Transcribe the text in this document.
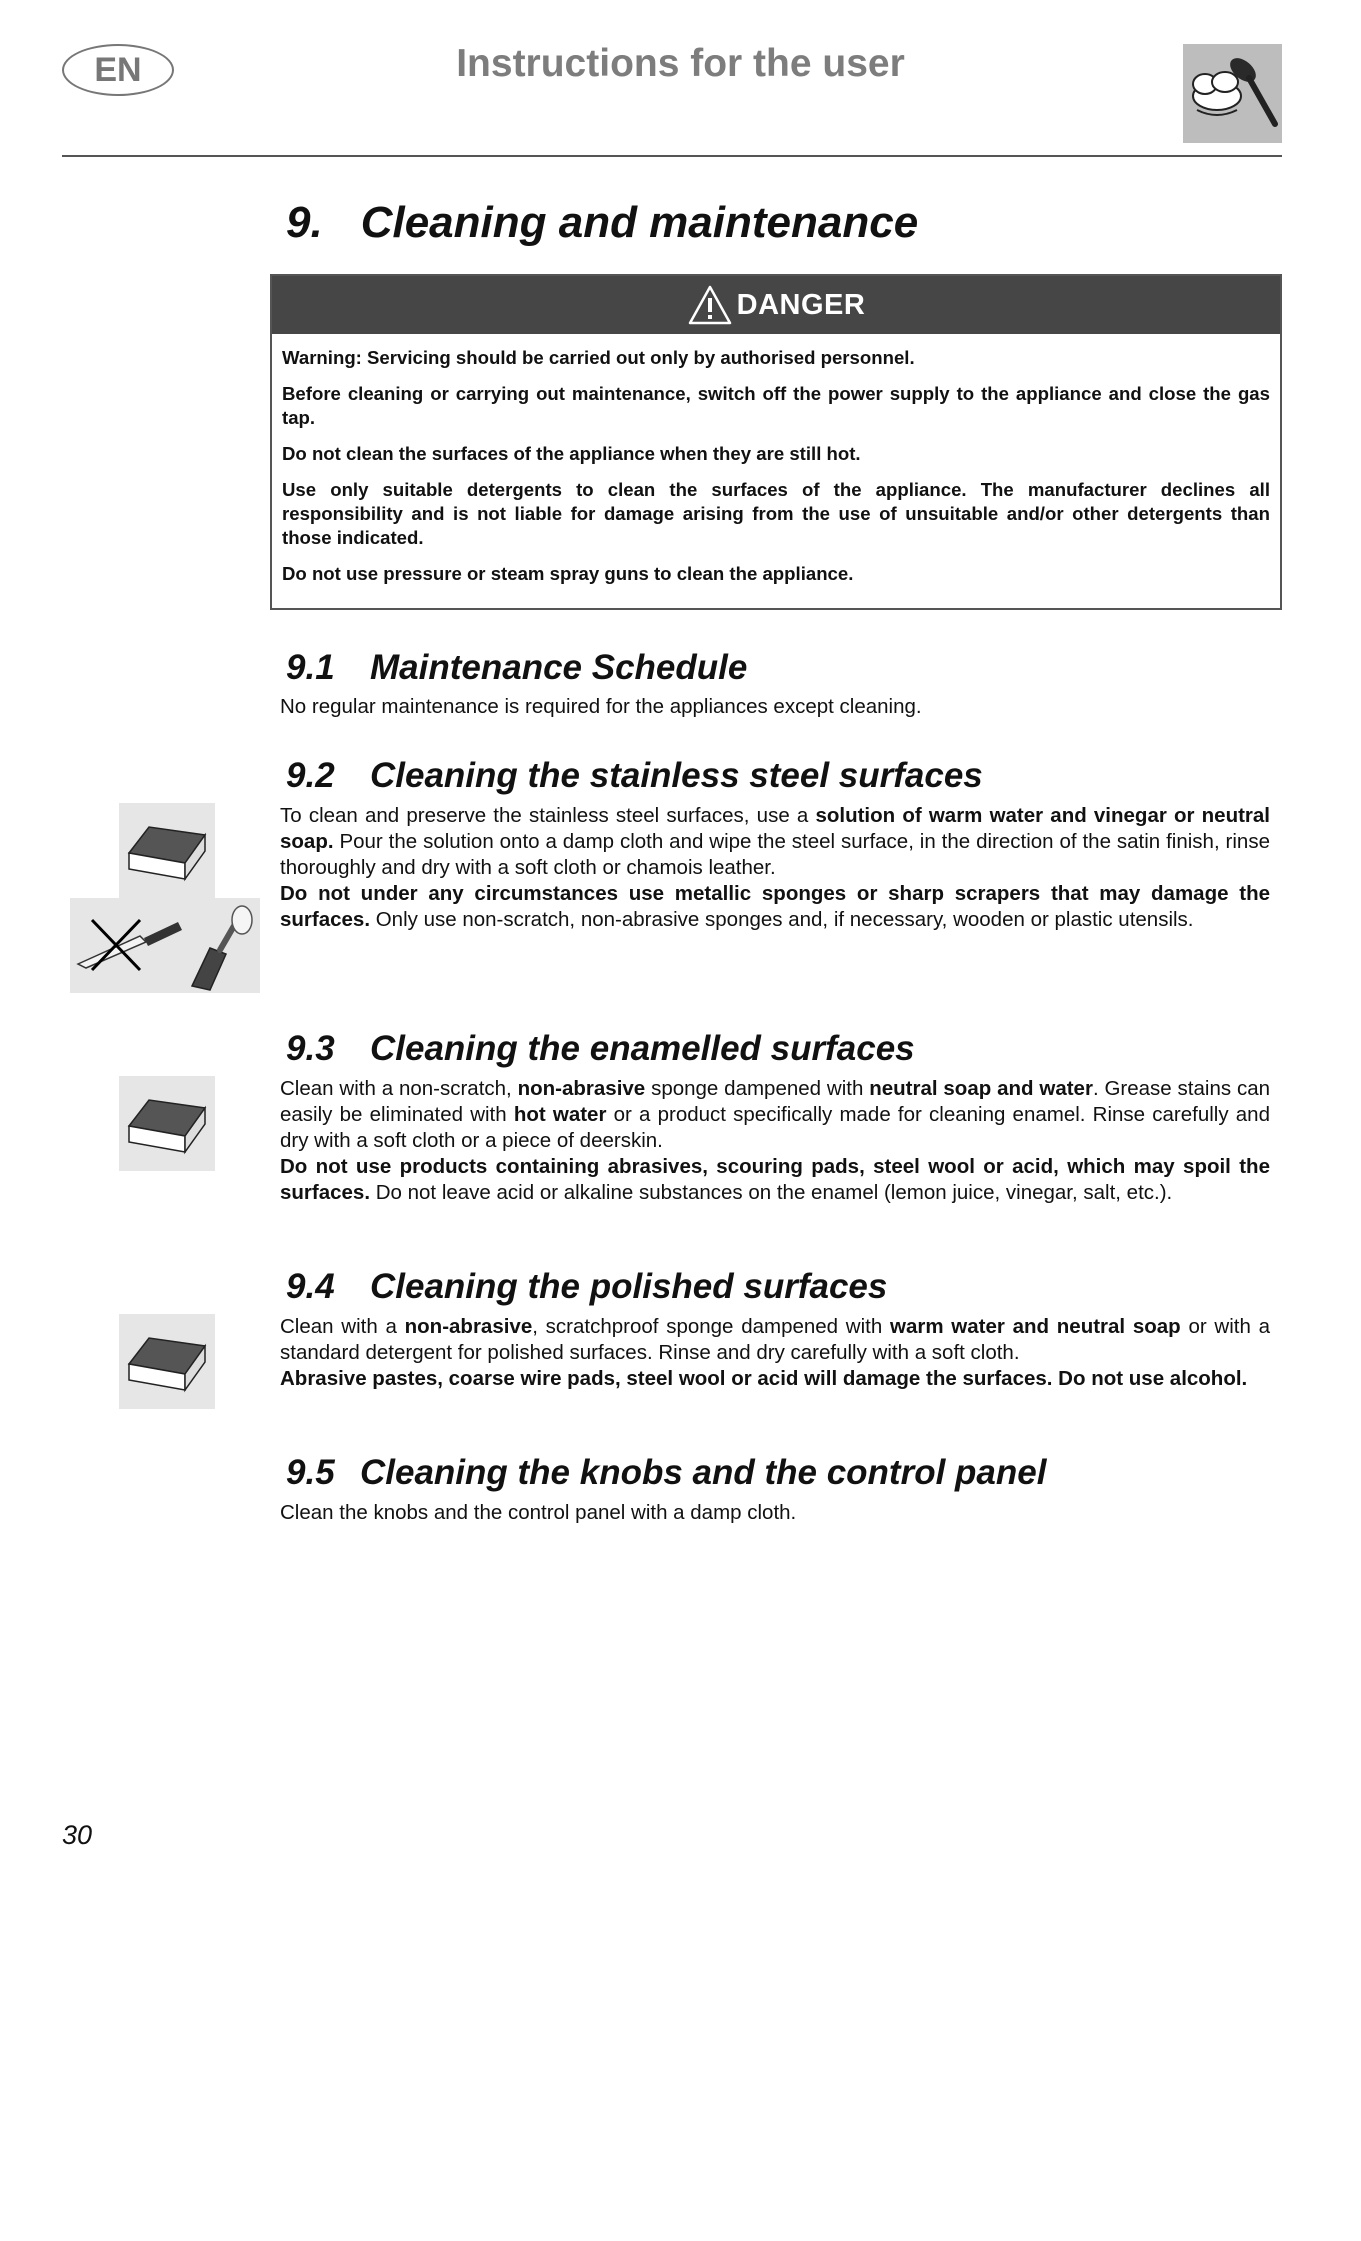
EN	Instructions for the user
9. Cleaning and maintenance
DANGER

Warning: Servicing should be carried out only by authorised personnel.

Before cleaning or carrying out maintenance, switch off the power supply to the appliance and close the gas tap.

Do not clean the surfaces of the appliance when they are still hot.

Use only suitable detergents to clean the surfaces of the appliance. The manufacturer declines all responsibility and is not liable for damage arising from the use of unsuitable and/or other detergents than those indicated.

Do not use pressure or steam spray guns to clean the appliance.

9.1 Maintenance Schedule

No regular maintenance is required for the appliances except cleaning.

9.2 Cleaning the stainless steel surfaces

To clean and preserve the stainless steel surfaces, use a solution of warm water and vinegar or neutral soap. Pour the solution onto a damp cloth and wipe the steel surface, in the direction of the satin finish, rinse thoroughly and dry with a soft cloth or chamois leather.

Do not under any circumstances use metallic sponges or sharp scrapers that may damage the surfaces. Only use non-scratch, non-abrasive sponges and, if necessary, wooden or plastic utensils.

9.3 Cleaning the enamelled surfaces

Clean with a non-scratch, non-abrasive sponge dampened with neutral soap and water. Grease stains can easily be eliminated with hot water or a product specifically made for cleaning enamel. Rinse carefully and dry with a soft cloth or a piece of deerskin.

Do not use products containing abrasives, scouring pads, steel wool or acid, which may spoil the surfaces. Do not leave acid or alkaline substances on the enamel (lemon juice, vinegar, salt, etc.).

9.4 Cleaning the polished surfaces

Clean with a non-abrasive, scratchproof sponge dampened with warm water and neutral soap or with a standard detergent for polished surfaces. Rinse and dry carefully with a soft cloth.

Abrasive pastes, coarse wire pads, steel wool or acid will damage the surfaces. Do not use alcohol.

9.5 Cleaning the knobs and the control panel

Clean the knobs and the control panel with a damp cloth.

30
